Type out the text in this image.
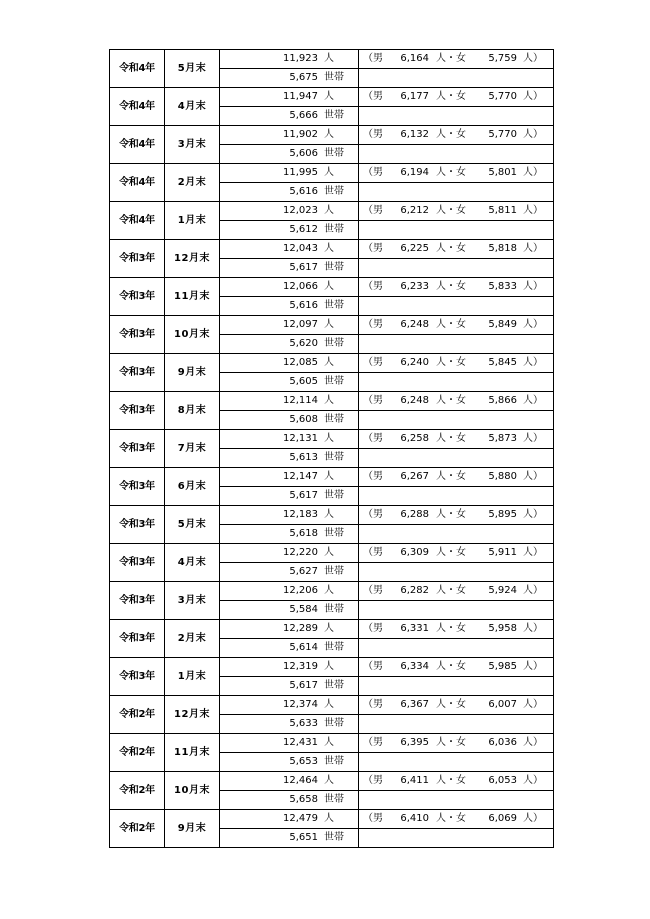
令和4年	5月末	11,923 人	（男 6,164 人・女 5,759 人）
		5,675 世帯	
令和4年	4月末	11,947 人	（男 6,177 人・女 5,770 人）
		5,666 世帯	
令和4年	3月末	11,902 人	（男 6,132 人・女 5,770 人）
		5,606 世帯	
令和4年	2月末	11,995 人	（男 6,194 人・女 5,801 人）
		5,616 世帯	
令和4年	1月末	12,023 人	（男 6,212 人・女 5,811 人）
		5,612 世帯	
令和3年	12月末	12,043 人	（男 6,225 人・女 5,818 人）
		5,617 世帯	
令和3年	11月末	12,066 人	（男 6,233 人・女 5,833 人）
		5,616 世帯	
令和3年	10月末	12,097 人	（男 6,248 人・女 5,849 人）
		5,620 世帯	
令和3年	9月末	12,085 人	（男 6,240 人・女 5,845 人）
		5,605 世帯	
令和3年	8月末	12,114 人	（男 6,248 人・女 5,866 人）
		5,608 世帯	
令和3年	7月末	12,131 人	（男 6,258 人・女 5,873 人）
		5,613 世帯	
令和3年	6月末	12,147 人	（男 6,267 人・女 5,880 人）
		5,617 世帯	
令和3年	5月末	12,183 人	（男 6,288 人・女 5,895 人）
		5,618 世帯	
令和3年	4月末	12,220 人	（男 6,309 人・女 5,911 人）
		5,627 世帯	
令和3年	3月末	12,206 人	（男 6,282 人・女 5,924 人）
		5,584 世帯	
令和3年	2月末	12,289 人	（男 6,331 人・女 5,958 人）
		5,614 世帯	
令和3年	1月末	12,319 人	（男 6,334 人・女 5,985 人）
		5,617 世帯	
令和2年	12月末	12,374 人	（男 6,367 人・女 6,007 人）
		5,633 世帯	
令和2年	11月末	12,431 人	（男 6,395 人・女 6,036 人）
		5,653 世帯	
令和2年	10月末	12,464 人	（男 6,411 人・女 6,053 人）
		5,658 世帯	
令和2年	9月末	12,479 人	（男 6,410 人・女 6,069 人）
		5,651 世帯	
